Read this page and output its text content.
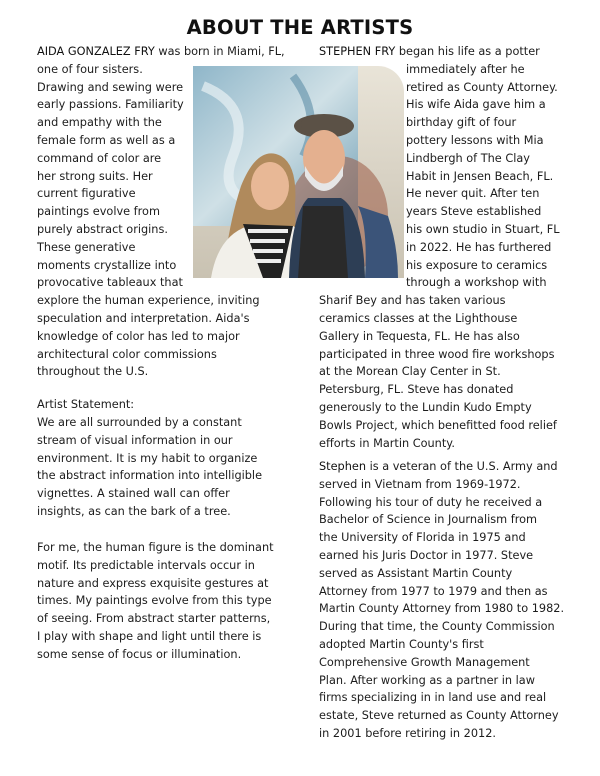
ABOUT THE ARTISTS
AIDA GONZALEZ FRY was born in Miami, FL,
one of four sisters.
Drawing and sewing were
early passions. Familiarity
and empathy with the
female form as well as a
command of color are
her strong suits. Her
current figurative
paintings evolve from
purely abstract origins.
These generative
moments crystallize into
provocative tableaux that
explore the human experience, inviting
speculation and interpretation. Aida's
knowledge of color has led to major
architectural color commissions
throughout the U.S.
Artist Statement:
We are all surrounded by a constant
stream of visual information in our
environment. It is my habit to organize
the abstract information into intelligible
vignettes. A stained wall can offer
insights, as can the bark of a tree.
For me, the human figure is the dominant
motif. Its predictable intervals occur in
nature and express exquisite gestures at
times. My paintings evolve from this type
of seeing. From abstract starter patterns,
I play with shape and light until there is
some sense of focus or illumination.
STEPHEN FRY began his life as a potter
immediately after he
retired as County Attorney.
His wife Aida gave him a
birthday gift of four
pottery lessons with Mia
Lindbergh of The Clay
Habit in Jensen Beach, FL.
He never quit. After ten
years Steve established
his own studio in Stuart, FL
in 2022. He has furthered
his exposure to ceramics
through a workshop with
Sharif Bey and has taken various
ceramics classes at the Lighthouse
Gallery in Tequesta, FL. He has also
participated in three wood fire workshops
at the Morean Clay Center in St.
Petersburg, FL. Steve has donated
generously to the Lundin Kudo Empty
Bowls Project, which benefitted food relief
efforts in Martin County.
Stephen is a veteran of the U.S. Army and
served in Vietnam from 1969-1972.
Following his tour of duty he received a
Bachelor of Science in Journalism from
the University of Florida in 1975 and
earned his Juris Doctor in 1977. Steve
served as Assistant Martin County
Attorney from 1977 to 1979 and then as
Martin County Attorney from 1980 to 1982.
During that time, the County Commission
adopted Martin County's first
Comprehensive Growth Management
Plan. After working as a partner in law
firms specializing in in land use and real
estate, Steve returned as County Attorney
in 2001 before retiring in 2012.
